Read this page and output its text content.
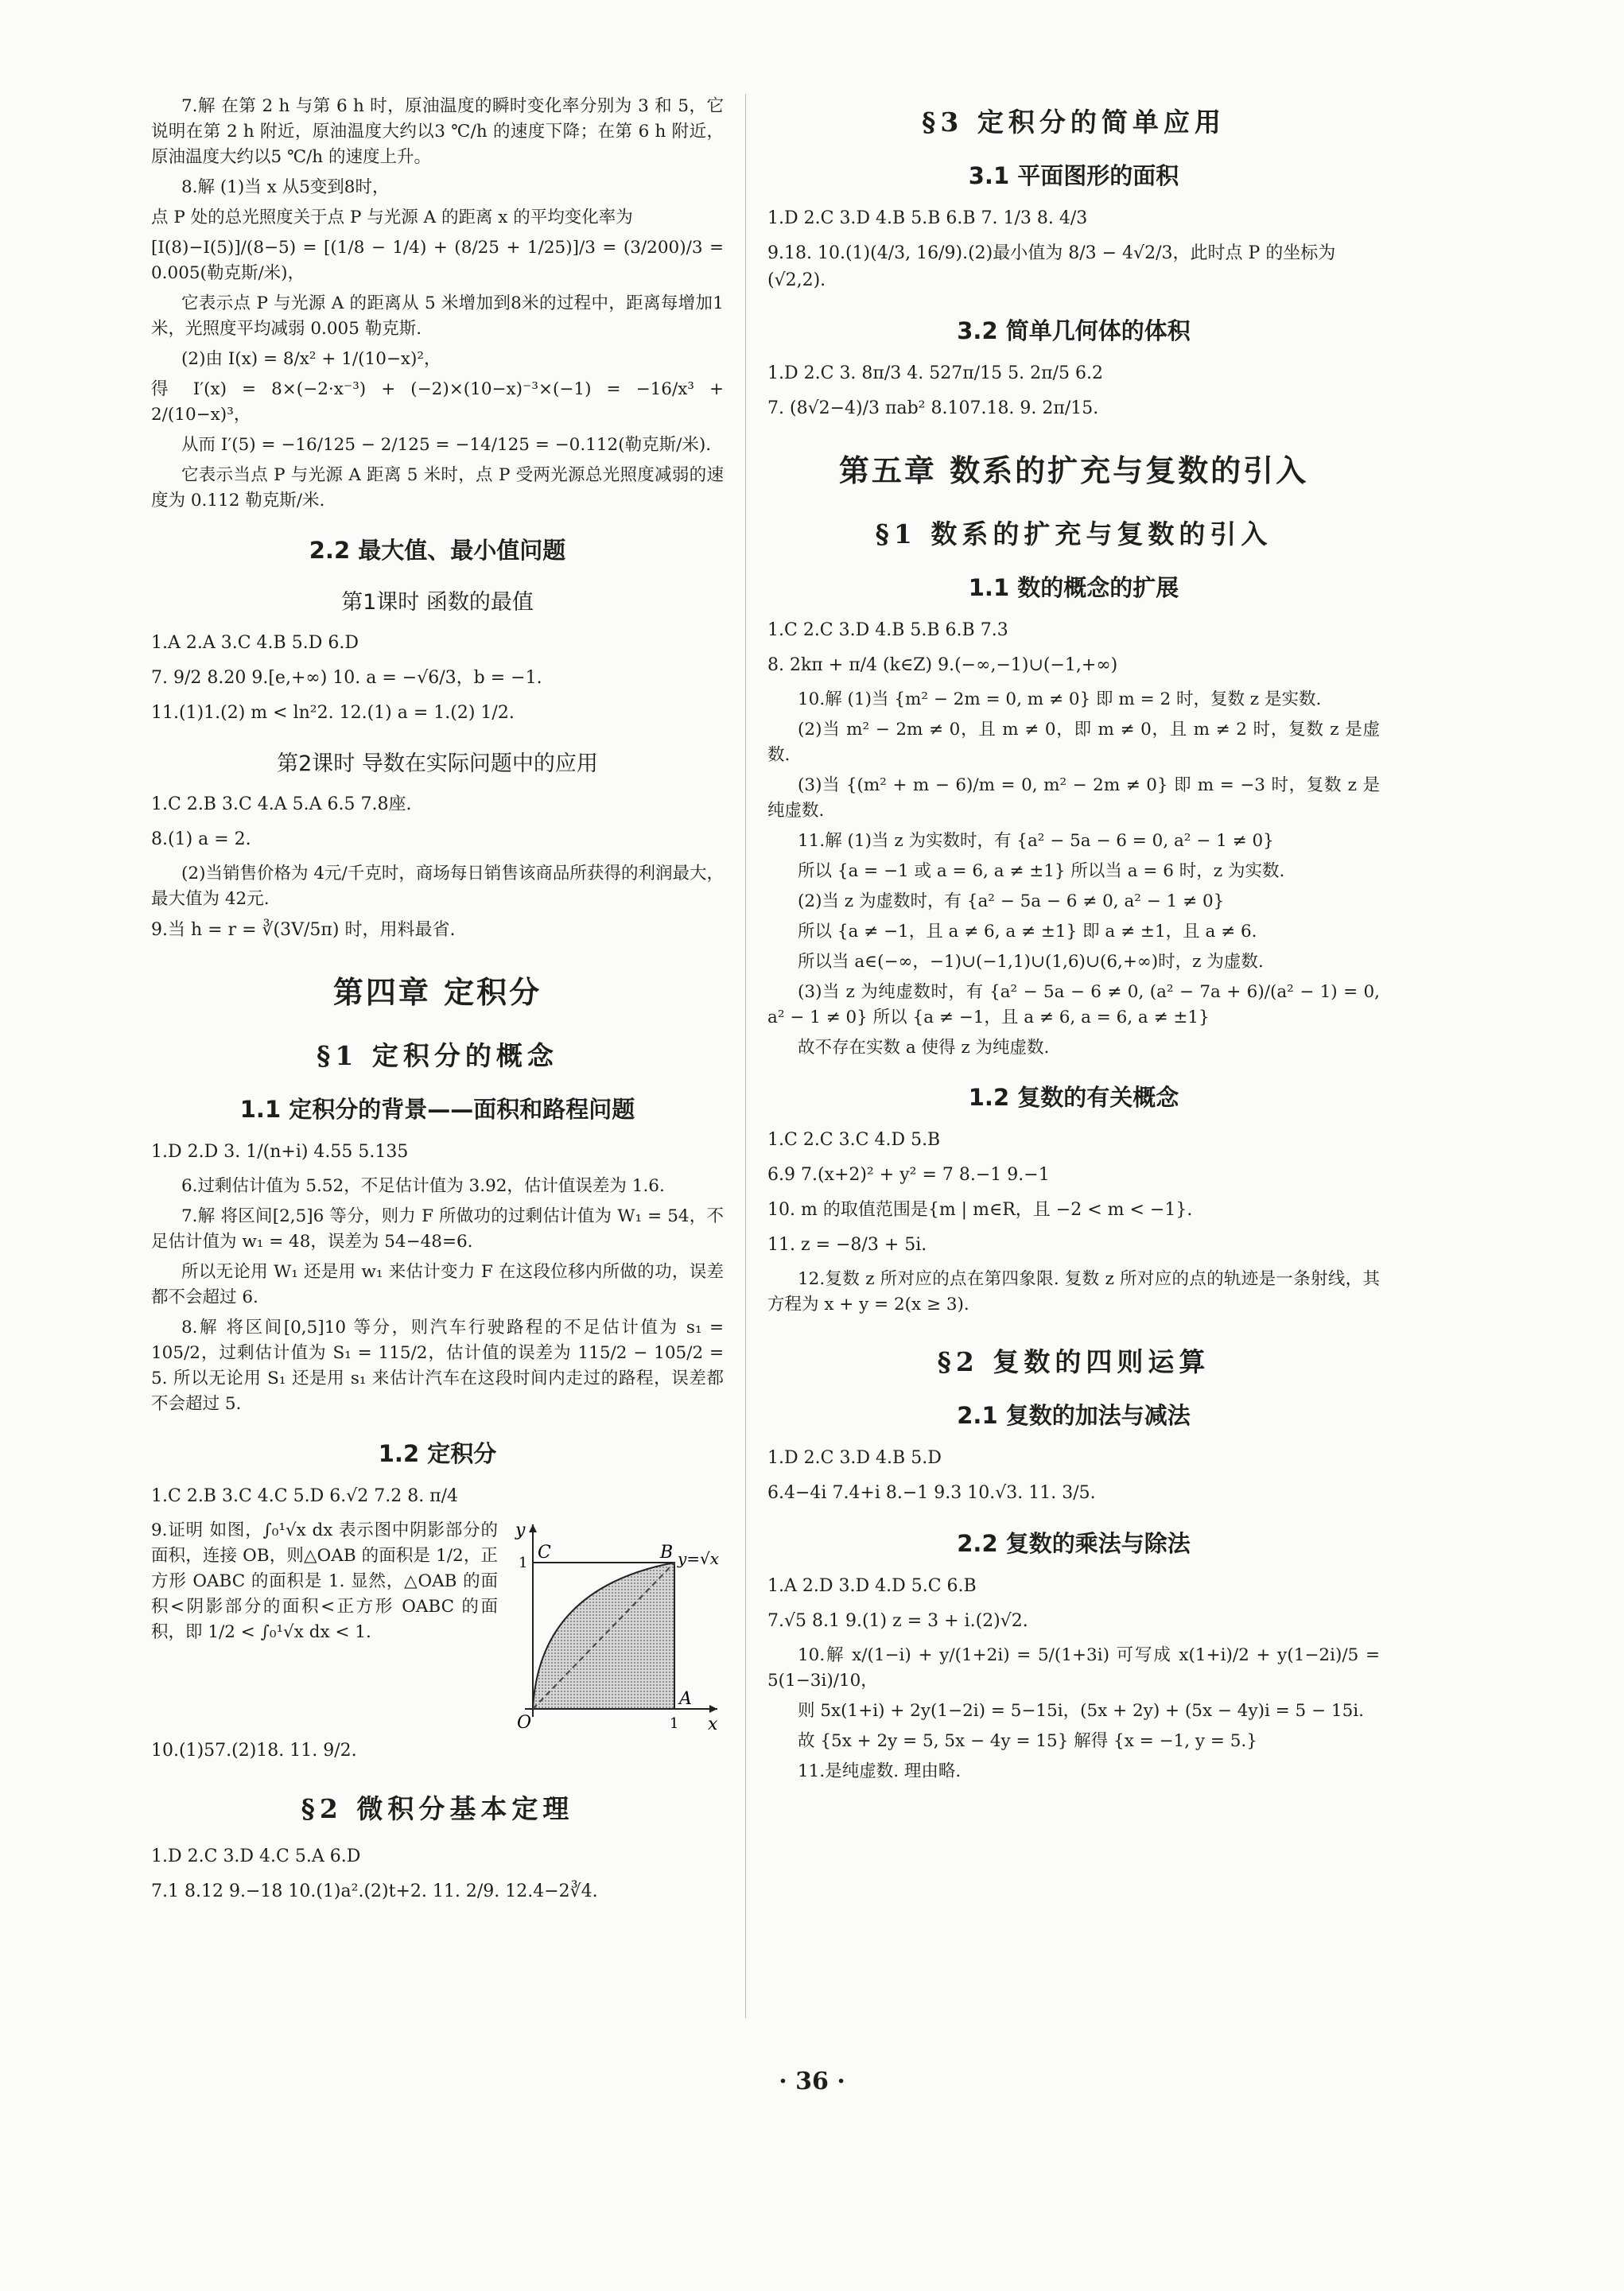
7.解 在第 2 h 与第 6 h 时，原油温度的瞬时变化率分别为 3 和 5，它说明在第 2 h 附近，原油温度大约以3 ℃/h 的速度下降；在第 6 h 附近，原油温度大约以5 ℃/h 的速度上升。

8.解 (1)当 x 从5变到8时，

点 P 处的总光照度关于点 P 与光源 A 的距离 x 的平均变化率为

[I(8)−I(5)]/(8−5) = [(1/8 − 1/4) + (8/25 + 1/25)]/3 = (3/200)/3 = 0.005(勒克斯/米)，

它表示点 P 与光源 A 的距离从 5 米增加到8米的过程中，距离每增加1米，光照度平均减弱 0.005 勒克斯.

(2)由 I(x) = 8/x² + 1/(10−x)²，

得 I′(x) = 8×(−2·x⁻³) + (−2)×(10−x)⁻³×(−1) = −16/x³ + 2/(10−x)³，

从而 I′(5) = −16/125 − 2/125 = −14/125 = −0.112(勒克斯/米).

它表示当点 P 与光源 A 距离 5 米时，点 P 受两光源总光照度减弱的速度为 0.112 勒克斯/米.

2.2 最大值、最小值问题
第1课时 函数的最值

1.A 2.A 3.C 4.B 5.D 6.D

7. 9/2 8.20 9.[e,+∞) 10. a = −√6/3，b = −1.

11.(1)1.(2) m < ln²2. 12.(1) a = 1.(2) 1/2.

第2课时 导数在实际问题中的应用

1.C 2.B 3.C 4.A 5.A 6.5 7.8座.

8.(1) a = 2.

(2)当销售价格为 4元/千克时，商场每日销售该商品所获得的利润最大，最大值为 42元.

9.当 h = r = ∛(3V/5π) 时，用料最省.

第四章 定积分
§1 定积分的概念
1.1 定积分的背景——面积和路程问题

1.D 2.D 3. 1/(n+i) 4.55 5.135

6.过剩估计值为 5.52，不足估计值为 3.92，估计值误差为 1.6.

7.解 将区间[2,5]6 等分，则力 F 所做功的过剩估计值为 W₁ = 54，不足估计值为 w₁ = 48，误差为 54−48=6.

所以无论用 W₁ 还是用 w₁ 来估计变力 F 在这段位移内所做的功，误差都不会超过 6.

8.解 将区间[0,5]10 等分，则汽车行驶路程的不足估计值为 s₁ = 105/2，过剩估计值为 S₁ = 115/2，估计值的误差为 115/2 − 105/2 = 5. 所以无论用 S₁ 还是用 s₁ 来估计汽车在这段时间内走过的路程，误差都不会超过 5.

1.2 定积分

1.C 2.B 3.C 4.C 5.D 6.√2 7.2 8. π/4

9.证明 如图，∫₀¹√x dx 表示图中阴影部分的面积，连接 OB，则△OAB 的面积是 1/2，正方形 OABC 的面积是 1. 显然，△OAB 的面积<阴影部分的面积<正方形 OABC 的面积，即 1/2 < ∫₀¹√x dx < 1.

y
x
C	B y=√x
O
A
1
1

10.(1)57.(2)18. 11. 9/2.

§2 微积分基本定理

1.D 2.C 3.D 4.C 5.A 6.D

7.1 8.12 9.−18 10.(1)a².(2)t+2. 11. 2/9. 12.4−2∛4.

§3 定积分的简单应用
3.1 平面图形的面积

1.D 2.C 3.D 4.B 5.B 6.B 7. 1/3 8. 4/3

9.18. 10.(1)(4/3, 16/9).(2)最小值为 8/3 − 4√2/3，此时点 P 的坐标为(√2,2).

3.2 简单几何体的体积

1.D 2.C 3. 8π/3 4. 527π/15 5. 2π/5 6.2

7. (8√2−4)/3 πab² 8.107.18. 9. 2π/15.

第五章 数系的扩充与复数的引入
§1 数系的扩充与复数的引入
1.1 数的概念的扩展

1.C 2.C 3.D 4.B 5.B 6.B 7.3

8. 2kπ + π/4 (k∈Z) 9.(−∞,−1)∪(−1,+∞)

10.解 (1)当 {m² − 2m = 0, m ≠ 0} 即 m = 2 时，复数 z 是实数.

(2)当 m² − 2m ≠ 0，且 m ≠ 0，即 m ≠ 0，且 m ≠ 2 时，复数 z 是虚数.

(3)当 {(m² + m − 6)/m = 0, m² − 2m ≠ 0} 即 m = −3 时，复数 z 是纯虚数.

11.解 (1)当 z 为实数时，有 {a² − 5a − 6 = 0, a² − 1 ≠ 0}

所以 {a = −1 或 a = 6, a ≠ ±1} 所以当 a = 6 时，z 为实数.

(2)当 z 为虚数时，有 {a² − 5a − 6 ≠ 0, a² − 1 ≠ 0}

所以 {a ≠ −1，且 a ≠ 6, a ≠ ±1} 即 a ≠ ±1，且 a ≠ 6.

所以当 a∈(−∞，−1)∪(−1,1)∪(1,6)∪(6,+∞)时，z 为虚数.

(3)当 z 为纯虚数时，有 {a² − 5a − 6 ≠ 0, (a² − 7a + 6)/(a² − 1) = 0, a² − 1 ≠ 0} 所以 {a ≠ −1，且 a ≠ 6, a = 6, a ≠ ±1}

故不存在实数 a 使得 z 为纯虚数.

1.2 复数的有关概念

1.C 2.C 3.C 4.D 5.B

6.9 7.(x+2)² + y² = 7 8.−1 9.−1

10. m 的取值范围是{m | m∈R，且 −2 < m < −1}.

11. z = −8/3 + 5i.

12.复数 z 所对应的点在第四象限. 复数 z 所对应的点的轨迹是一条射线，其方程为 x + y = 2(x ≥ 3).

§2 复数的四则运算
2.1 复数的加法与减法

1.D 2.C 3.D 4.B 5.D

6.4−4i 7.4+i 8.−1 9.3 10.√3. 11. 3/5.

2.2 复数的乘法与除法

1.A 2.D 3.D 4.D 5.C 6.B

7.√5 8.1 9.(1) z = 3 + i.(2)√2.

10.解 x/(1−i) + y/(1+2i) = 5/(1+3i) 可写成 x(1+i)/2 + y(1−2i)/5 = 5(1−3i)/10，

则 5x(1+i) + 2y(1−2i) = 5−15i，(5x + 2y) + (5x − 4y)i = 5 − 15i.

故 {5x + 2y = 5, 5x − 4y = 15} 解得 {x = −1, y = 5.}

11.是纯虚数. 理由略.

· 36 ·
